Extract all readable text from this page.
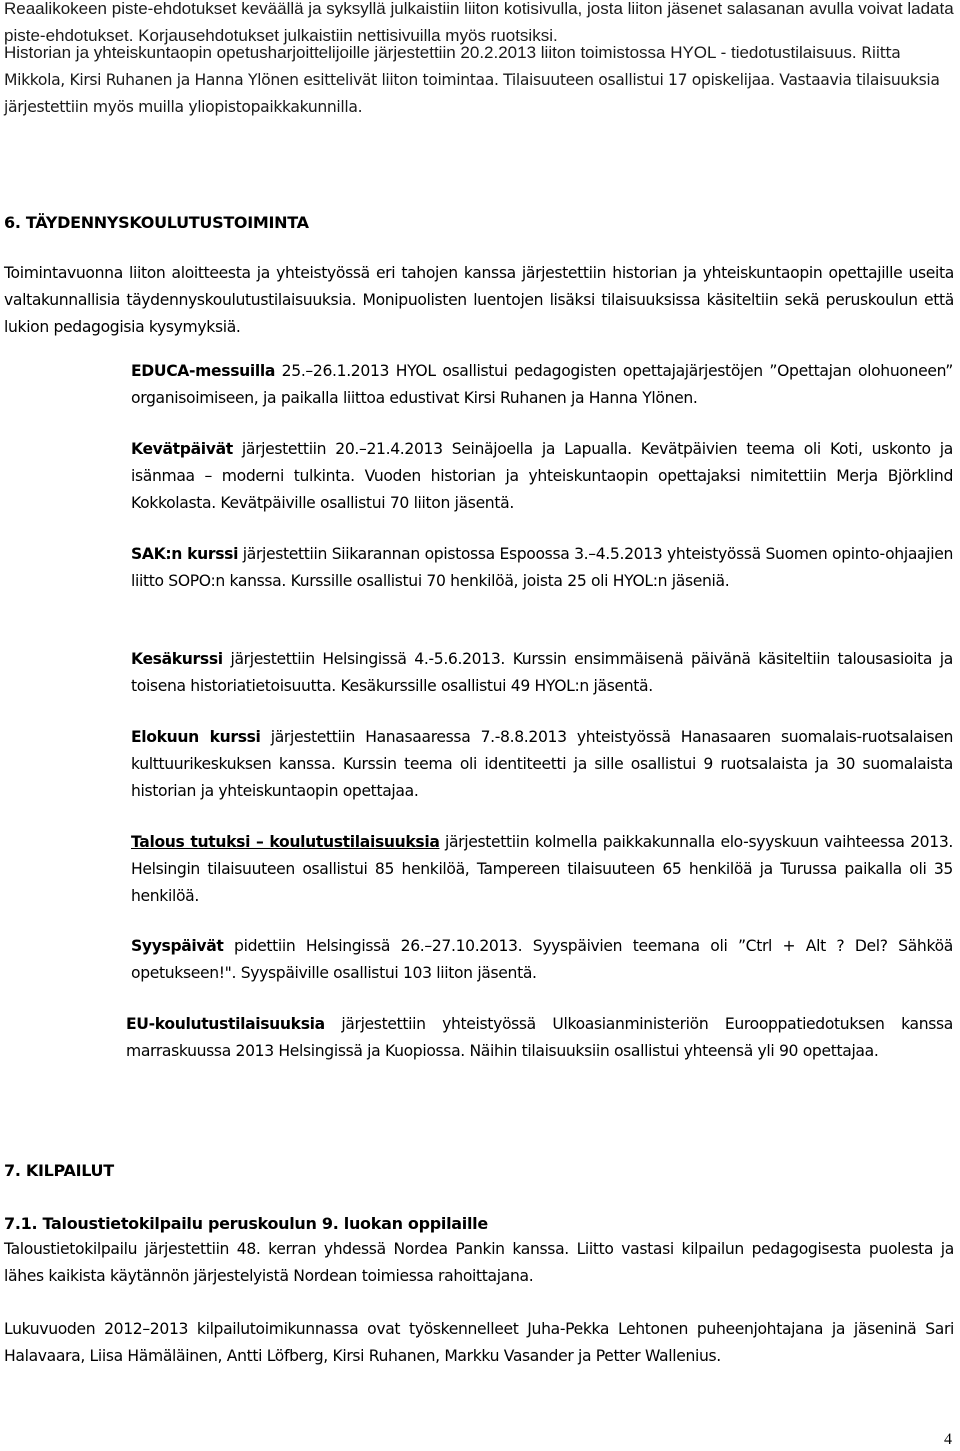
Reaalikokeen piste-ehdotukset keväällä ja syksyllä julkaistiin liiton kotisivulla, josta liiton jäsenet salasanan avulla voivat ladata piste-ehdotukset. Korjausehdotukset julkaistiin nettisivuilla myös ruotsiksi.

Historian ja yhteiskuntaopin opetusharjoittelijoille järjestettiin 20.2.2013 liiton toimistossa HYOL - tiedotustilaisuus. Riitta Mikkola, Kirsi Ruhanen ja Hanna Ylönen esittelivät liiton toimintaa. Tilaisuuteen osallistui 17 opiskelijaa. Vastaavia tilaisuuksia järjestettiin myös muilla yliopistopaikkakunnilla.

6. TÄYDENNYSKOULUTUSTOIMINTA

Toimintavuonna liiton aloitteesta ja yhteistyössä eri tahojen kanssa järjestettiin historian ja yhteiskuntaopin opettajille useita valtakunnallisia täydennyskoulutustilaisuuksia. Monipuolisten luentojen lisäksi tilaisuuksissa käsiteltiin sekä peruskoulun että lukion pedagogisia kysymyksiä.

EDUCA-messuilla 25.–26.1.2013 HYOL osallistui pedagogisten opettajajärjestöjen ”Opettajan olohuoneen” organisoimiseen, ja paikalla liittoa edustivat Kirsi Ruhanen ja Hanna Ylönen.

Kevätpäivät järjestettiin 20.–21.4.2013 Seinäjoella ja Lapualla. Kevätpäivien teema oli Koti, uskonto ja isänmaa – moderni tulkinta. Vuoden historian ja yhteiskuntaopin opettajaksi nimitettiin Merja Björklind Kokkolasta. Kevätpäiville osallistui 70 liiton jäsentä.

SAK:n kurssi järjestettiin Siikarannan opistossa Espoossa 3.–4.5.2013 yhteistyössä Suomen opinto-ohjaajien liitto SOPO:n kanssa. Kurssille osallistui 70 henkilöä, joista 25 oli HYOL:n jäseniä.

Kesäkurssi järjestettiin Helsingissä 4.-5.6.2013. Kurssin ensimmäisenä päivänä käsiteltiin talousasioita ja toisena historiatietoisuutta. Kesäkurssille osallistui 49 HYOL:n jäsentä.

Elokuun kurssi järjestettiin Hanasaaressa 7.-8.8.2013 yhteistyössä Hanasaaren suomalais-ruotsalaisen kulttuurikeskuksen kanssa. Kurssin teema oli identiteetti ja sille osallistui 9 ruotsalaista ja 30 suomalaista historian ja yhteiskuntaopin opettajaa.

Talous tutuksi – koulutustilaisuuksia järjestettiin kolmella paikkakunnalla elo-syyskuun vaihteessa 2013. Helsingin tilaisuuteen osallistui 85 henkilöä, Tampereen tilaisuuteen 65 henkilöä ja Turussa paikalla oli 35 henkilöä.

Syyspäivät pidettiin Helsingissä 26.–27.10.2013. Syyspäivien teemana oli ”Ctrl + Alt ? Del? Sähköä opetukseen!". Syyspäiville osallistui 103 liiton jäsentä.

EU-koulutustilaisuuksia järjestettiin yhteistyössä Ulkoasianministeriön Eurooppatiedotuksen kanssa marraskuussa 2013 Helsingissä ja Kuopiossa. Näihin tilaisuuksiin osallistui yhteensä yli 90 opettajaa.

7. KILPAILUT
7.1. Taloustietokilpailu peruskoulun 9. luokan oppilaille

Taloustietokilpailu järjestettiin 48. kerran yhdessä Nordea Pankin kanssa. Liitto vastasi kilpailun pedagogisesta puolesta ja lähes kaikista käytännön järjestelyistä Nordean toimiessa rahoittajana.

Lukuvuoden 2012–2013 kilpailutoimikunnassa ovat työskennelleet Juha-Pekka Lehtonen puheenjohtajana ja jäseninä Sari Halavaara, Liisa Hämäläinen, Antti Löfberg, Kirsi Ruhanen, Markku Vasander ja Petter Wallenius.

4
